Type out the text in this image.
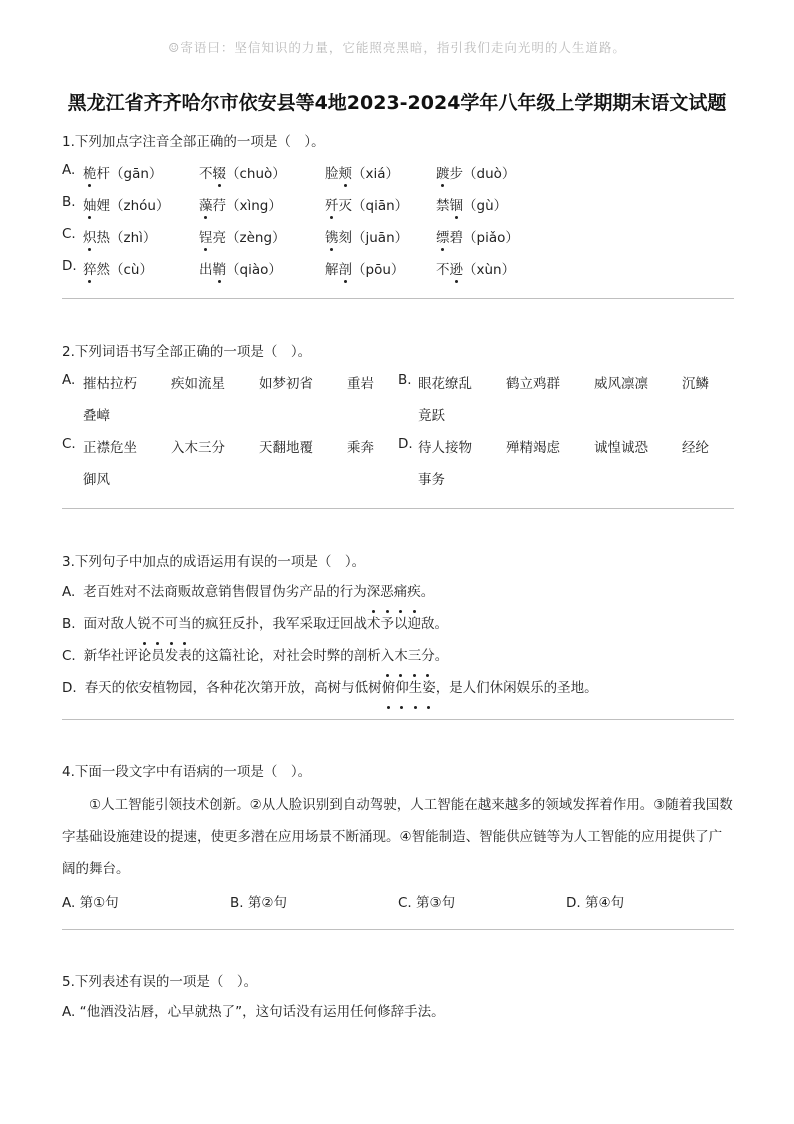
☺寄语曰：坚信知识的力量，它能照亮黑暗，指引我们走向光明的人生道路。
黑龙江省齐齐哈尔市依安县等4地2023-2024学年八年级上学期期末语文试题
1.下列加点字注音全部正确的一项是（　）。
A. 桅杆（gān）	不辍（chuò）	脸颊（xiá）	踱步（duò）
B. 妯娌（zhóu） 藻荇（xìng）	歼灭（qiān） 禁锢（gù）
C. 炽热（zhì）	锃亮（zèng）	镌刻（juān） 缥碧（piǎo）
D. 猝然（cù）	出鞘（qiào）	解剖（pōu） 不逊（xùn）
2.下列词语书写全部正确的一项是（　）。
A. 摧枯拉朽	疾如流星	如梦初省	重岩 B. 眼花缭乱	鹤立鸡群	威风凛凛	沉鳞
叠嶂	竟跃
C. 正襟危坐	入木三分	天翻地覆	乘奔 D. 待人接物	殚精竭虑	诚惶诚恐	经纶
御风	事务
3.下列句子中加点的成语运用有误的一项是（　）。
A. 老百姓对不法商贩故意销售假冒伪劣产品的行为深恶痛疾。
B. 面对敌人锐不可当的疯狂反扑，我军采取迂回战术予以迎敌。
C. 新华社评论员发表的这篇社论，对社会时弊的剖析入木三分。
D. 春天的依安植物园，各种花次第开放，高树与低树俯仰生姿，是人们休闲娱乐的圣地。
4.下面一段文字中有语病的一项是（　）。
①人工智能引领技术创新。②从人脸识别到自动驾驶，人工智能在越来越多的领域发挥着作用。③随着我国数字基础设施建设的提速，使更多潜在应用场景不断涌现。④智能制造、智能供应链等为人工智能的应用提供了广阔的舞台。
A. 第①句	B. 第②句	C. 第③句	D. 第④句
5.下列表述有误的一项是（　）。
A. “他酒没沾唇，心早就热了”，这句话没有运用任何修辞手法。
